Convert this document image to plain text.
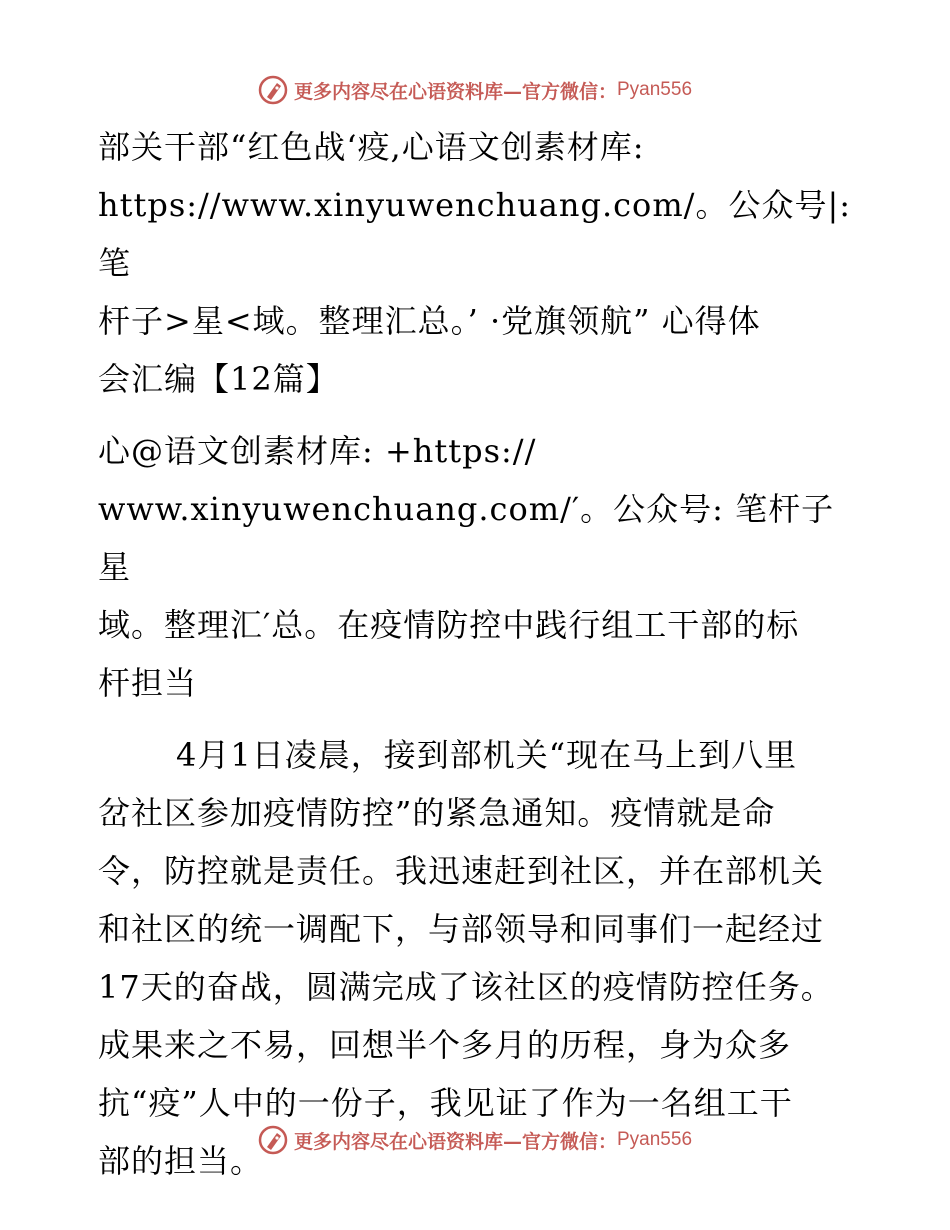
更多内容尽在心语资料库—官方微信： Pyan556

部关干部“红色战‘疫,心语文创素材库:
https://www.xinyuwenchuang.com/。公众号|: 笔
杆子>星<域。整理汇总。’ ·党旗领航” 心得体
会汇编【12篇】

心@语文创素材库: +https://
www.xinyuwenchuang.com/′。公众号: 笔杆子星
域。整理汇′总。在疫情防控中践行组工干部的标
杆担当

4月1日凌晨，接到部机关“现在马上到八里
岔社区参加疫情防控”的紧急通知。疫情就是命
令，防控就是责任。我迅速赶到社区，并在部机关
和社区的统一调配下，与部领导和同事们一起经过
17天的奋战，圆满完成了该社区的疫情防控任务。
成果来之不易，回想半个多月的历程，身为众多
抗“疫”人中的一份子，我见证了作为一名组工干
部的担当。

更多内容尽在心语资料库—官方微信： Pyan556
